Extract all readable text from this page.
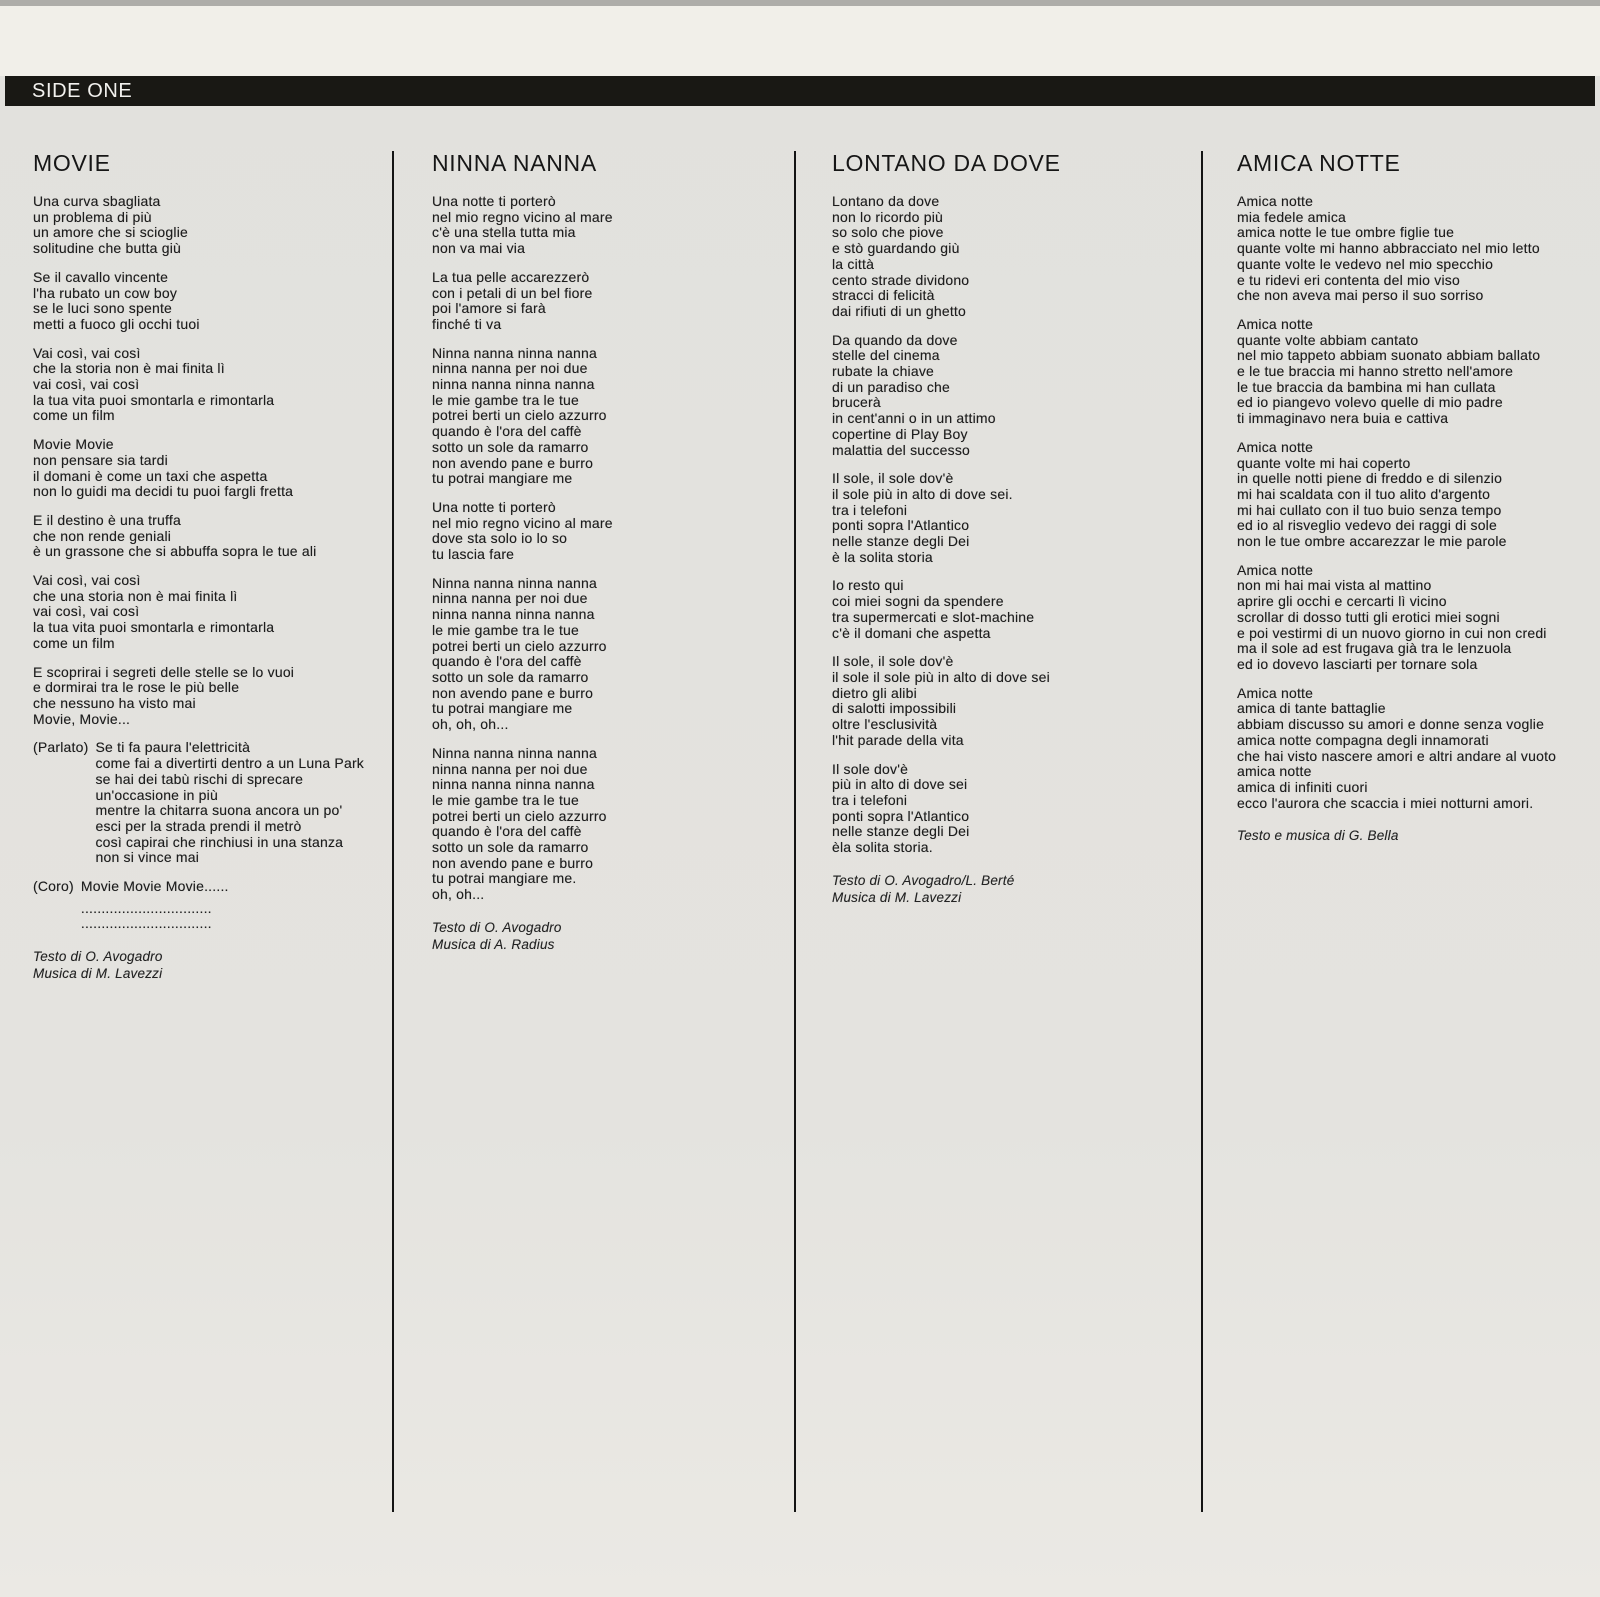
SIDE ONE
MOVIE
Una curva sbagliata
un problema di più
un amore che si scioglie
solitudine che butta giù
Se il cavallo vincente
l'ha rubato un cow boy
se le luci sono spente
metti a fuoco gli occhi tuoi
Vai così, vai così
che la storia non è mai finita lì
vai così, vai così
la tua vita puoi smontarla e rimontarla
come un film
Movie Movie
non pensare sia tardi
il domani è come un taxi che aspetta
non lo guidi ma decidi tu puoi fargli fretta
E il destino è una truffa
che non rende geniali
è un grassone che si abbuffa sopra le tue ali
Vai così, vai così
che una storia non è mai finita lì
vai così, vai così
la tua vita puoi smontarla e rimontarla
come un film
E scoprirai i segreti delle stelle se lo vuoi
e dormirai tra le rose le più belle
che nessuno ha visto mai
Movie, Movie...
(Parlato) Se ti fa paura l'elettricità
come fai a divertirti dentro a un Luna Park
se hai dei tabù rischi di sprecare
un'occasione in più
mentre la chitarra suona ancora un po'
esci per la strada prendi il metrò
così capirai che rinchiusi in una stanza
non si vince mai
(Coro) Movie Movie Movie......
................................
................................
Testo di O. Avogadro
Musica di M. Lavezzi
NINNA NANNA
Una notte ti porterò
nel mio regno vicino al mare
c'è una stella tutta mia
non va mai via
La tua pelle accarezzerò
con i petali di un bel fiore
poi l'amore si farà
finché ti va
Ninna nanna ninna nanna
ninna nanna per noi due
ninna nanna ninna nanna
le mie gambe tra le tue
potrei berti un cielo azzurro
quando è l'ora del caffè
sotto un sole da ramarro
non avendo pane e burro
tu potrai mangiare me
Una notte ti porterò
nel mio regno vicino al mare
dove sta solo io lo so
tu lascia fare
Ninna nanna ninna nanna
ninna nanna per noi due
ninna nanna ninna nanna
le mie gambe tra le tue
potrei berti un cielo azzurro
quando è l'ora del caffè
sotto un sole da ramarro
non avendo pane e burro
tu potrai mangiare me
oh, oh, oh...
Ninna nanna ninna nanna
ninna nanna per noi due
ninna nanna ninna nanna
le mie gambe tra le tue
potrei berti un cielo azzurro
quando è l'ora del caffè
sotto un sole da ramarro
non avendo pane e burro
tu potrai mangiare me.
oh, oh...
Testo di O. Avogadro
Musica di A. Radius
LONTANO DA DOVE
Lontano da dove
non lo ricordo più
so solo che piove
e stò guardando giù
la città
cento strade dividono
stracci di felicità
dai rifiuti di un ghetto
Da quando da dove
stelle del cinema
rubate la chiave
di un paradiso che
brucerà
in cent'anni o in un attimo
copertine di Play Boy
malattia del successo
Il sole, il sole dov'è
il sole più in alto di dove sei.
tra i telefoni
ponti sopra l'Atlantico
nelle stanze degli Dei
è la solita storia
Io resto qui
coi miei sogni da spendere
tra supermercati e slot-machine
c'è il domani che aspetta
Il sole, il sole dov'è
il sole il sole più in alto di dove sei
dietro gli alibi
di salotti impossibili
oltre l'esclusività
l'hit parade della vita
Il sole dov'è
più in alto di dove sei
tra i telefoni
ponti sopra l'Atlantico
nelle stanze degli Dei
èla solita storia.
Testo di O. Avogadro/L. Berté
Musica di M. Lavezzi
AMICA NOTTE
Amica notte
mia fedele amica
amica notte le tue ombre figlie tue
quante volte mi hanno abbracciato nel mio letto
quante volte le vedevo nel mio specchio
e tu ridevi eri contenta del mio viso
che non aveva mai perso il suo sorriso
Amica notte
quante volte abbiam cantato
nel mio tappeto abbiam suonato abbiam ballato
e le tue braccia mi hanno stretto nell'amore
le tue braccia da bambina mi han cullata
ed io piangevo volevo quelle di mio padre
ti immaginavo nera buia e cattiva
Amica notte
quante volte mi hai coperto
in quelle notti piene di freddo e di silenzio
mi hai scaldata con il tuo alito d'argento
mi hai cullato con il tuo buio senza tempo
ed io al risveglio vedevo dei raggi di sole
non le tue ombre accarezzar le mie parole
Amica notte
non mi hai mai vista al mattino
aprire gli occhi e cercarti lì vicino
scrollar di dosso tutti gli erotici miei sogni
e poi vestirmi di un nuovo giorno in cui non credi
ma il sole ad est frugava già tra le lenzuola
ed io dovevo lasciarti per tornare sola
Amica notte
amica di tante battaglie
abbiam discusso su amori e donne senza voglie
amica notte compagna degli innamorati
che hai visto nascere amori e altri andare al vuoto
amica notte
amica di infiniti cuori
ecco l'aurora che scaccia i miei notturni amori.
Testo e musica di G. Bella
